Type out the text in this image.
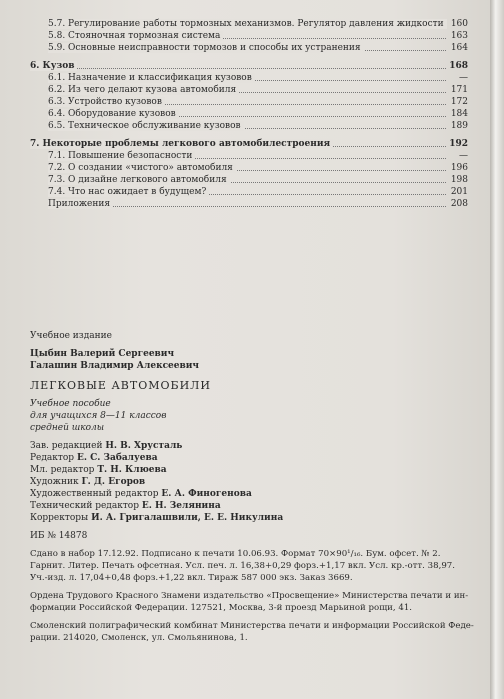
5.7. Регулирование работы тормозных механизмов. Регулятор давления жидкости 160
5.8. Стояночная тормозная система	163
5.9. Основные неисправности тормозов и способы их устранения	164
6. Кузов	168
6.1. Назначение и классификация кузовов	—
6.2. Из чего делают кузова автомобиля	171
6.3. Устройство кузовов	172
6.4. Оборудование кузовов	184
6.5. Техническое обслуживание кузовов	189
7. Некоторые проблемы легкового автомобилестроения	192
7.1. Повышение безопасности	—
7.2. О создании «чистого» автомобиля	196
7.3. О дизайне легкового автомобиля	198
7.4. Что нас ожидает в будущем?	201
Приложения	208
Учебное издание
Цыбин Валерий Сергеевич
Галашин Владимир Алексеевич
ЛЕГКОВЫЕ АВТОМОБИЛИ
Учебное пособие
для учащихся 8—11 классов
средней школы
Зав. редакцией Н. В. Хрусталь
Редактор Е. С. Забалуева
Мл. редактор Т. Н. Клюева
Художник Г. Д. Егоров
Художественный редактор Е. А. Финогенова
Технический редактор Е. Н. Зелянина
Корректоры И. А. Григалашвили, Е. Е. Никулина
ИБ № 14878
Сдано в набор 17.12.92. Подписано к печати 10.06.93. Формат 70×90¹/₁₆. Бум. офсет. № 2.
Гарнит. Литер. Печать офсетная. Усл. печ. л. 16,38+0,29 форз.+1,17 вкл. Усл. кр.-отт. 38,97.
Уч.-изд. л. 17,04+0,48 форз.+1,22 вкл. Тираж 587 000 экз. Заказ 3669.
Ордена Трудового Красного Знамени издательство «Просвещение» Министерства печати и ин-
формации Российской Федерации. 127521, Москва, 3-й проезд Марьиной рощи, 41.
Смоленский полиграфический комбинат Министерства печати и информации Российской Феде-
рации. 214020, Смоленск, ул. Смольянинова, 1.
